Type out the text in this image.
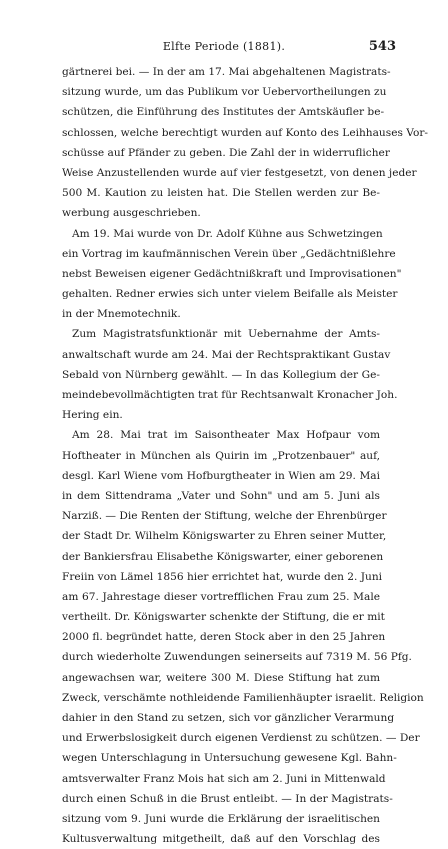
Elfte Periode (1881).	543
gärtnerei bei. — In der am 17. Mai abgehaltenen Magistrats-
sitzung wurde, um das Publikum vor Uebervortheilungen zu
schützen, die Einführung des Institutes der Amtskäufler be-
schlossen, welche berechtigt wurden auf Konto des Leihhauses Vor-
schüsse auf Pfänder zu geben. Die Zahl der in widerruflicher
Weise Anzustellenden wurde auf vier festgesetzt, von denen jeder
500 M. Kaution zu leisten hat. Die Stellen werden zur Be-
werbung ausgeschrieben.
Am 19. Mai wurde von Dr. Adolf Kühne aus Schwetzingen
ein Vortrag im kaufmännischen Verein über „Gedächtnißlehre
nebst Beweisen eigener Gedächtnißkraft und Improvisationen"
gehalten. Redner erwies sich unter vielem Beifalle als Meister
in der Mnemotechnik.
Zum Magistratsfunktionär mit Uebernahme der Amts-
anwaltschaft wurde am 24. Mai der Rechtspraktikant Gustav
Sebald von Nürnberg gewählt. — In das Kollegium der Ge-
meindebevollmächtigten trat für Rechtsanwalt Kronacher Joh.
Hering ein.
Am 28. Mai trat im Saisontheater Max Hofpaur vom
Hoftheater in München als Quirin im „Protzenbauer" auf,
desgl. Karl Wiene vom Hofburgtheater in Wien am 29. Mai
in dem Sittendrama „Vater und Sohn" und am 5. Juni als
Narziß. — Die Renten der Stiftung, welche der Ehrenbürger
der Stadt Dr. Wilhelm Königswarter zu Ehren seiner Mutter,
der Bankiersfrau Elisabethe Königswarter, einer geborenen
Freiin von Lämel 1856 hier errichtet hat, wurde den 2. Juni
am 67. Jahrestage dieser vortrefflichen Frau zum 25. Male
vertheilt. Dr. Königswarter schenkte der Stiftung, die er mit
2000 fl. begründet hatte, deren Stock aber in den 25 Jahren
durch wiederholte Zuwendungen seinerseits auf 7319 M. 56 Pfg.
angewachsen war, weitere 300 M. Diese Stiftung hat zum
Zweck, verschämte nothleidende Familienhäupter israelit. Religion
dahier in den Stand zu setzen, sich vor gänzlicher Verarmung
und Erwerbslosigkeit durch eigenen Verdienst zu schützen. — Der
wegen Unterschlagung in Untersuchung gewesene Kgl. Bahn-
amtsverwalter Franz Mois hat sich am 2. Juni in Mittenwald
durch einen Schuß in die Brust entleibt. — In der Magistrats-
sitzung vom 9. Juni wurde die Erklärung der israelitischen
Kultusverwaltung mitgetheilt, daß auf den Vorschlag des
